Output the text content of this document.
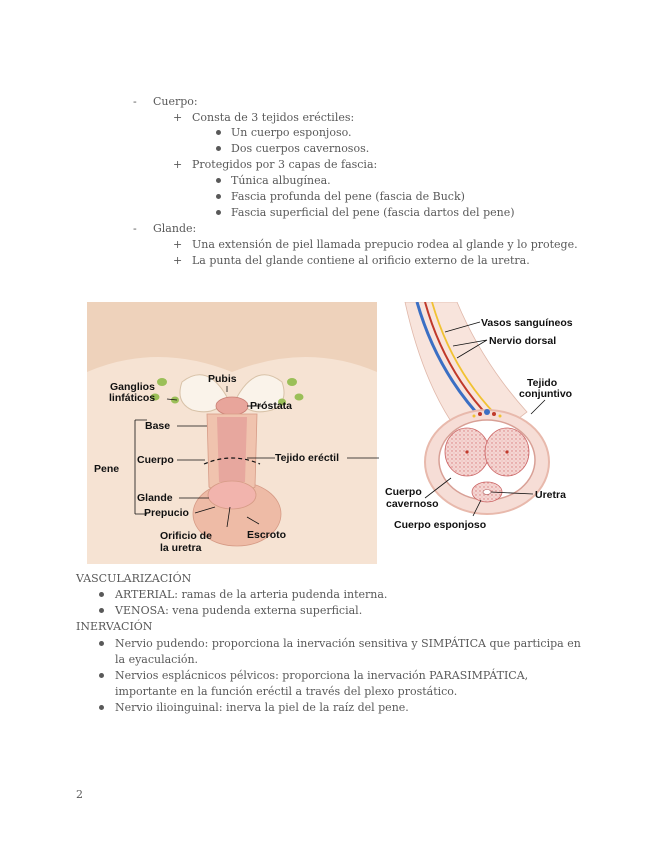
- Cuerpo:
+ Consta de 3 tejidos eréctiles:
Un cuerpo esponjoso.
Dos cuerpos cavernosos.
+ Protegidos por 3 capas de fascia:
Túnica albugínea.
Fascia profunda del pene (fascia de Buck)
Fascia superficial del pene (fascia dartos del pene)
- Glande:
+ Una extensión de piel llamada prepucio rodea al glande y lo protege.
+ La punta del glande contiene al orificio externo de la uretra.
Ganglios
linfáticos
Pubis
Próstata
Base
Pene
Cuerpo
Glande
Prepucio
Orificio de
la uretra
Escroto
Tejido eréctil
Vasos sanguíneos
Nervio dorsal
Tejido
conjuntivo
Cuerpo
cavernoso
Uretra
Cuerpo esponjoso
VASCULARIZACIÓN
ARTERIAL: ramas de la arteria pudenda interna.
VENOSA: vena pudenda externa superficial.
INERVACIÓN
Nervio pudendo: proporciona la inervación sensitiva y SIMPÁTICA que participa en
la eyaculación.
Nervios esplácnicos pélvicos: proporciona la inervación PARASIMPÁTICA,
importante en la función eréctil a través del plexo prostático.
Nervio ilioinguinal: inerva la piel de la raíz del pene.
2
